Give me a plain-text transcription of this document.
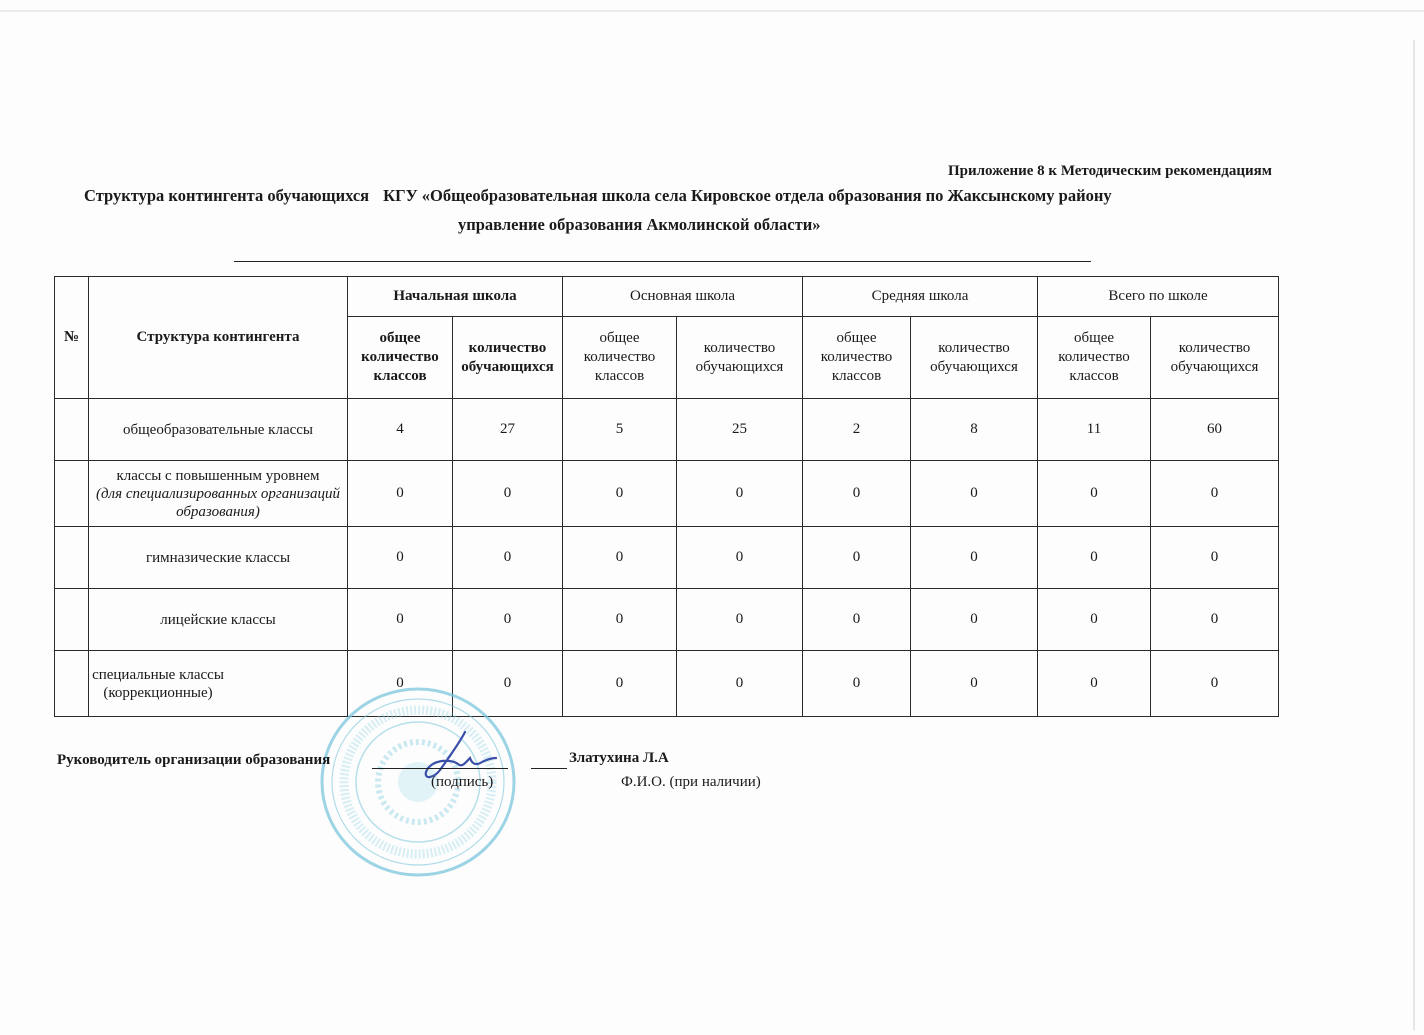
Приложение 8 к Методическим рекомендациям
Структура контингента обучающихся КГУ «Общеобразовательная школа села Кировское отдела образования по Жаксынскому району
управление образования Акмолинской области»
№	Структура контингента	Начальная школа		Основная школа		Средняя школа		Всего по школе	
		общее
количество
классов	количество
обучающихся	общее
количество
классов	количество
обучающихся	общее
количество
классов	количество
обучающихся	общее
количество
классов	количество
обучающихся
	общеобразовательные классы	4	27	5	25	2	8	11	60
	классы с повышенным уровнем
(для специализированных организаций образования)	0	0	0	0	0	0	0	0
	гимназические классы	0	0	0	0	0	0	0	0
	лицейские классы	0	0	0	0	0	0	0	0
	специальные классы (коррекционные)	0	0	0	0	0	0	0	0
Руководитель организации образования	Златухина Л.А
(подпись)	Ф.И.О. (при наличии)
